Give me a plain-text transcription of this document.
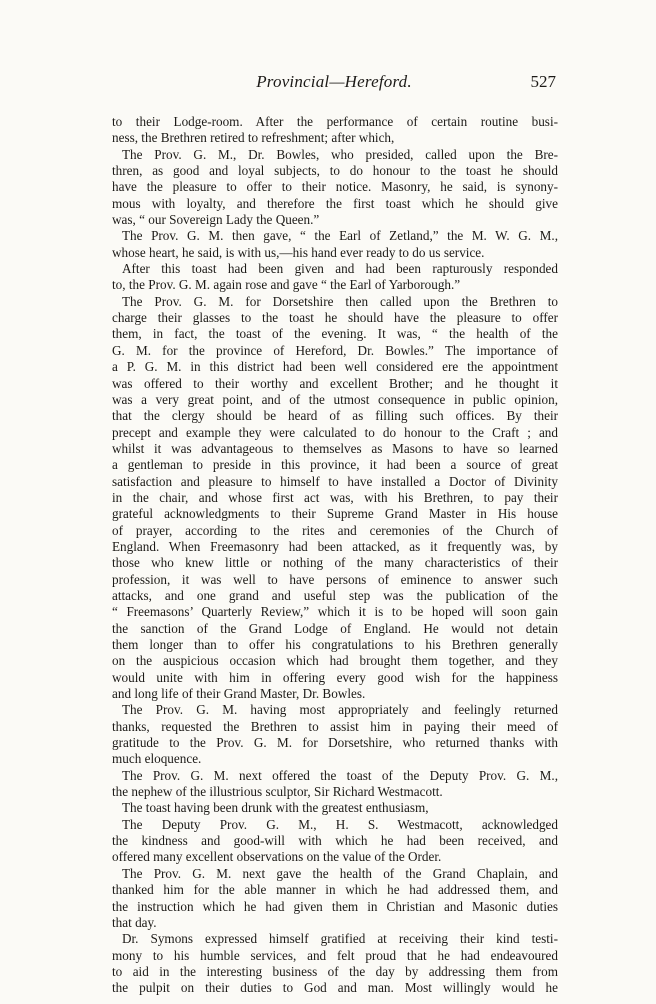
Provincial—Hereford.	527
to their Lodge-room. After the performance of certain routine busi-
ness, the Brethren retired to refreshment; after which,
The Prov. G. M., Dr. Bowles, who presided, called upon the Bre-
thren, as good and loyal subjects, to do honour to the toast he should
have the pleasure to offer to their notice. Masonry, he said, is synony-
mous with loyalty, and therefore the first toast which he should give
was, “ our Sovereign Lady the Queen.”
The Prov. G. M. then gave, “ the Earl of Zetland,” the M. W. G. M.,
whose heart, he said, is with us,—his hand ever ready to do us service.
After this toast had been given and had been rapturously responded
to, the Prov. G. M. again rose and gave “ the Earl of Yarborough.”
The Prov. G. M. for Dorsetshire then called upon the Brethren to
charge their glasses to the toast he should have the pleasure to offer
them, in fact, the toast of the evening. It was, “ the health of the
G. M. for the province of Hereford, Dr. Bowles.” The importance of
a P. G. M. in this district had been well considered ere the appointment
was offered to their worthy and excellent Brother; and he thought it
was a very great point, and of the utmost consequence in public opinion,
that the clergy should be heard of as filling such offices. By their
precept and example they were calculated to do honour to the Craft ; and
whilst it was advantageous to themselves as Masons to have so learned
a gentleman to preside in this province, it had been a source of great
satisfaction and pleasure to himself to have installed a Doctor of Divinity
in the chair, and whose first act was, with his Brethren, to pay their
grateful acknowledgments to their Supreme Grand Master in His house
of prayer, according to the rites and ceremonies of the Church of
England. When Freemasonry had been attacked, as it frequently was, by
those who knew little or nothing of the many characteristics of their
profession, it was well to have persons of eminence to answer such
attacks, and one grand and useful step was the publication of the
“ Freemasons’ Quarterly Review,” which it is to be hoped will soon gain
the sanction of the Grand Lodge of England. He would not detain
them longer than to offer his congratulations to his Brethren generally
on the auspicious occasion which had brought them together, and they
would unite with him in offering every good wish for the happiness
and long life of their Grand Master, Dr. Bowles.
The Prov. G. M. having most appropriately and feelingly returned
thanks, requested the Brethren to assist him in paying their meed of
gratitude to the Prov. G. M. for Dorsetshire, who returned thanks with
much eloquence.
The Prov. G. M. next offered the toast of the Deputy Prov. G. M.,
the nephew of the illustrious sculptor, Sir Richard Westmacott.
The toast having been drunk with the greatest enthusiasm,
The Deputy Prov. G. M., H. S. Westmacott, acknowledged
the kindness and good-will with which he had been received, and
offered many excellent observations on the value of the Order.
The Prov. G. M. next gave the health of the Grand Chaplain, and
thanked him for the able manner in which he had addressed them, and
the instruction which he had given them in Christian and Masonic duties
that day.
Dr. Symons expressed himself gratified at receiving their kind testi-
mony to his humble services, and felt proud that he had endeavoured
to aid in the interesting business of the day by addressing them from
the pulpit on their duties to God and man. Most willingly would he
